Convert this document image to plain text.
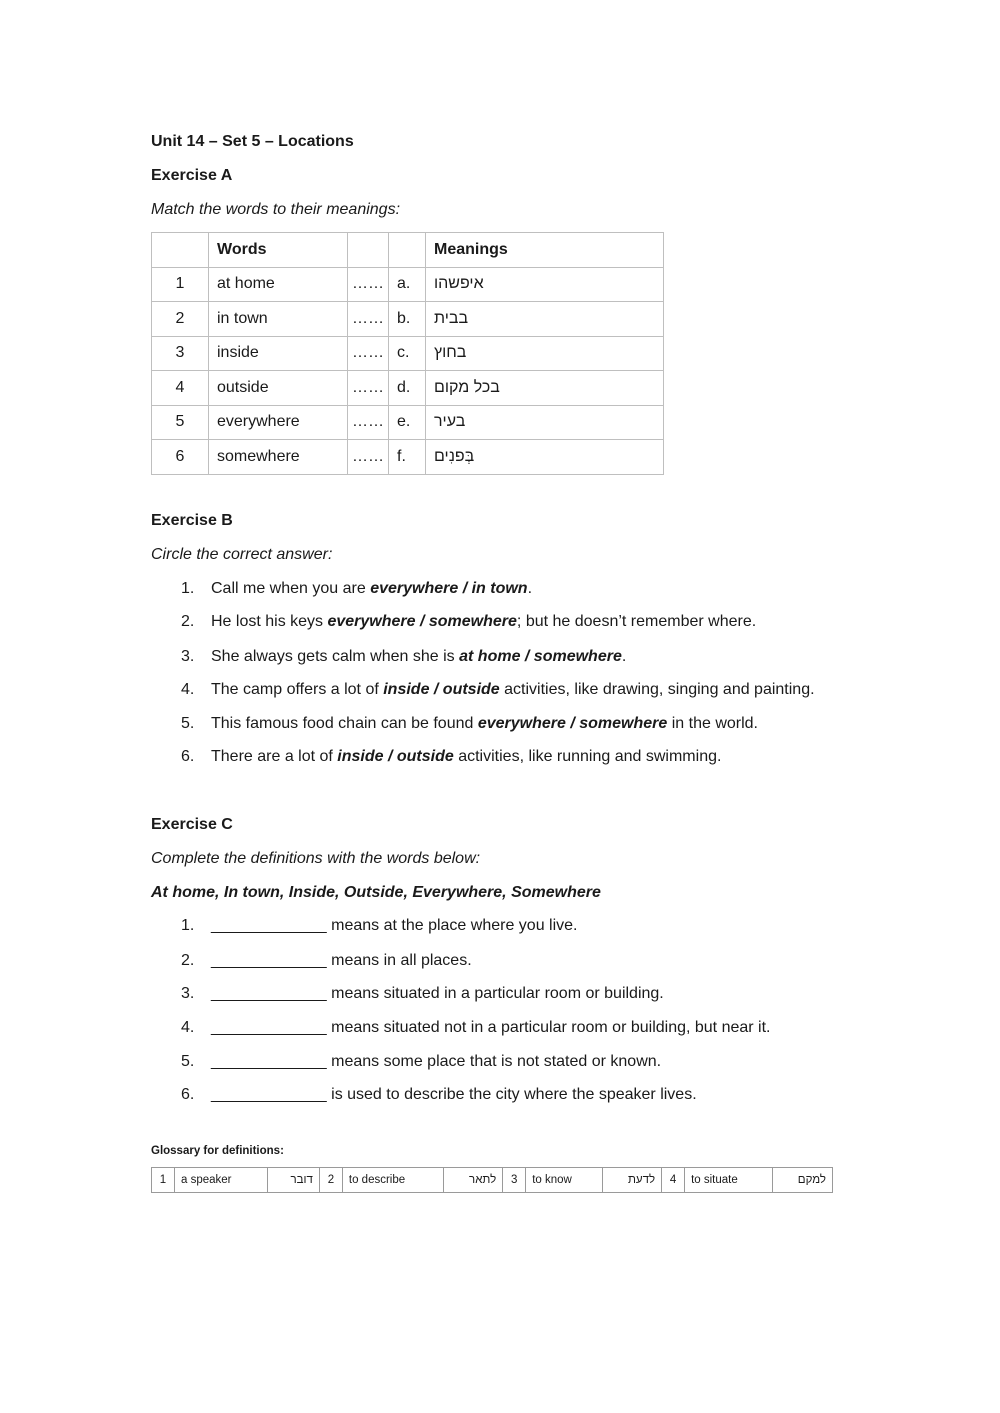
Unit 14 – Set 5 – Locations
Exercise A
Match the words to their meanings:
	Words			Meanings
1	at home	……	a.	איפשהו
2	in town	……	b.	בבית
3	inside	……	c.	בחוץ
4	outside	……	d.	בכל מקום
5	everywhere	……	e.	בעיר
6	somewhere	……	f.	בְּפנִים
Exercise B
Circle the correct answer:
1. Call me when you are everywhere / in town.
2. He lost his keys everywhere / somewhere; but he doesn’t remember where.
3. She always gets calm when she is at home / somewhere.
4. The camp offers a lot of inside / outside activities, like drawing, singing and painting.
5. This famous food chain can be found everywhere / somewhere in the world.
6. There are a lot of inside / outside activities, like running and swimming.
Exercise C
Complete the definitions with the words below:
At home, In town, Inside, Outside, Everywhere, Somewhere
1. _____________ means at the place where you live.
2. _____________ means in all places.
3. _____________ means situated in a particular room or building.
4. _____________ means situated not in a particular room or building, but near it.
5. _____________ means some place that is not stated or known.
6. _____________ is used to describe the city where the speaker lives.
Glossary for definitions:
1	a speaker	דובר	2	to describe	לתאר	3	to know	לדעת	4	to situate	למקם
